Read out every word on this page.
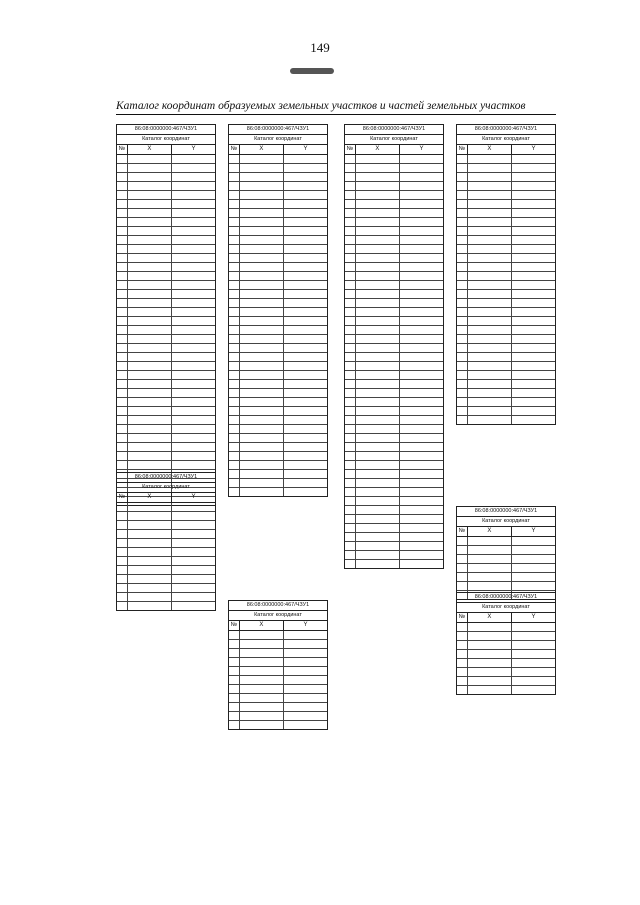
149
Каталог координат образуемых земельных участков и частей земельных участков
86:08:0000000:467/ЧЗУ1
Каталог координат
№	X	Y
86:08:0000000:467/ЧЗУ1
Каталог координат
№	X	Y
86:08:0000000:467/ЧЗУ1
Каталог координат
№	X	Y
86:08:0000000:467/ЧЗУ1
Каталог координат
№	X	Y
86:08:0000000:467/ЧЗУ1
Каталог координат
№	X	Y
86:08:0000000:467/ЧЗУ1
Каталог координат
№	X	Y
86:08:0000000:467/ЧЗУ1
Каталог координат
№	X	Y
86:08:0000000:467/ЧЗУ1
Каталог координат
№	X	Y
